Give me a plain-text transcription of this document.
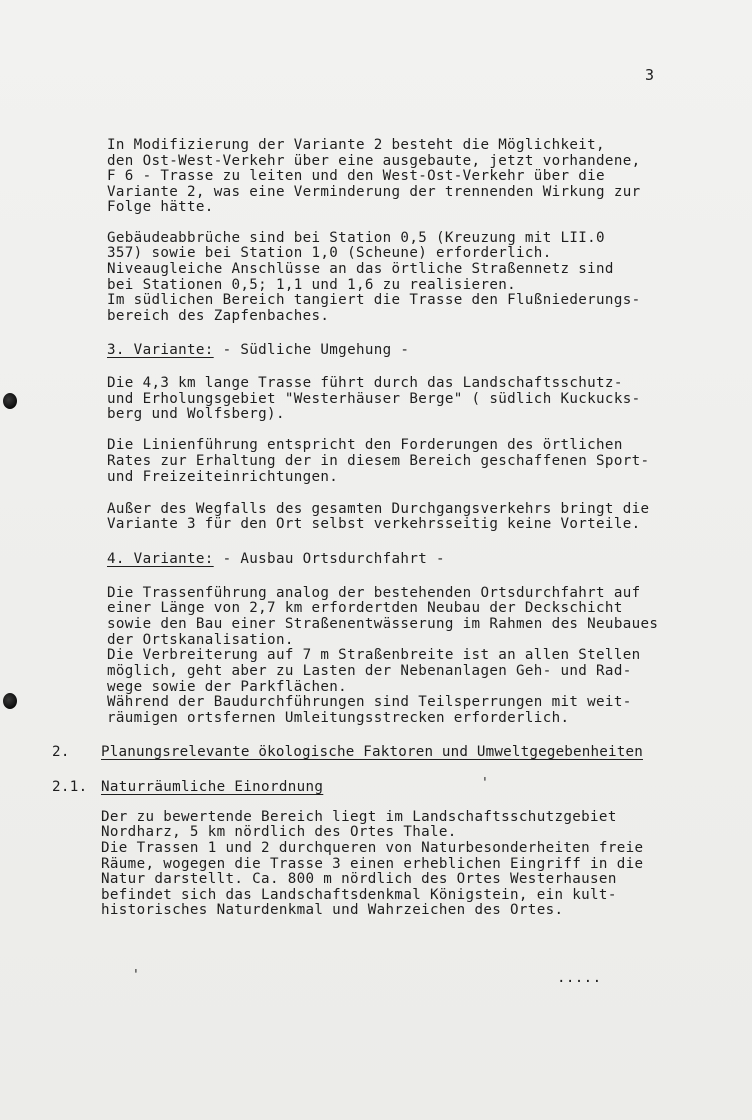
3
In Modifizierung der Variante 2 besteht die Möglichkeit,
den Ost-West-Verkehr über eine ausgebaute, jetzt vorhandene,
F 6 - Trasse zu leiten und den West-Ost-Verkehr über die
Variante 2, was eine Verminderung der trennenden Wirkung zur
Folge hätte.
Gebäudeabbrüche sind bei Station 0,5 (Kreuzung mit LII.0
357) sowie bei Station 1,0 (Scheune) erforderlich.
Niveaugleiche Anschlüsse an das örtliche Straßennetz sind
bei Stationen 0,5; 1,1 und 1,6 zu realisieren.
Im südlichen Bereich tangiert die Trasse den Flußniederungs-
bereich des Zapfenbaches.
3. Variante: - Südliche Umgehung -
Die 4,3 km lange Trasse führt durch das Landschaftsschutz-
und Erholungsgebiet "Westerhäuser Berge" ( südlich Kuckucks-
berg und Wolfsberg).
Die Linienführung entspricht den Forderungen des örtlichen
Rates zur Erhaltung der in diesem Bereich geschaffenen Sport-
und Freizeiteinrichtungen.
Außer des Wegfalls des gesamten Durchgangsverkehrs bringt die
Variante 3 für den Ort selbst verkehrsseitig keine Vorteile.
4. Variante: - Ausbau Ortsdurchfahrt -
Die Trassenführung analog der bestehenden Ortsdurchfahrt auf
einer Länge von 2,7 km erfordertden Neubau der Deckschicht
sowie den Bau einer Straßenentwässerung im Rahmen des Neubaues
der Ortskanalisation.
Die Verbreiterung auf 7 m Straßenbreite ist an allen Stellen
möglich, geht aber zu Lasten der Nebenanlagen Geh- und Rad-
wege sowie der Parkflächen.
Während der Baudurchführungen sind Teilsperrungen mit weit-
räumigen ortsfernen Umleitungsstrecken erforderlich.
2. Planungsrelevante ökologische Faktoren und Umweltgegebenheiten
2.1. Naturräumliche Einordnung	'
Der zu bewertende Bereich liegt im Landschaftsschutzgebiet
Nordharz, 5 km nördlich des Ortes Thale.
Die Trassen 1 und 2 durchqueren von Naturbesonderheiten freie
Räume, wogegen die Trasse 3 einen erheblichen Eingriff in die
Natur darstellt. Ca. 800 m nördlich des Ortes Westerhausen
befindet sich das Landschaftsdenkmal Königstein, ein kult-
historisches Naturdenkmal und Wahrzeichen des Ortes.
'	.....
